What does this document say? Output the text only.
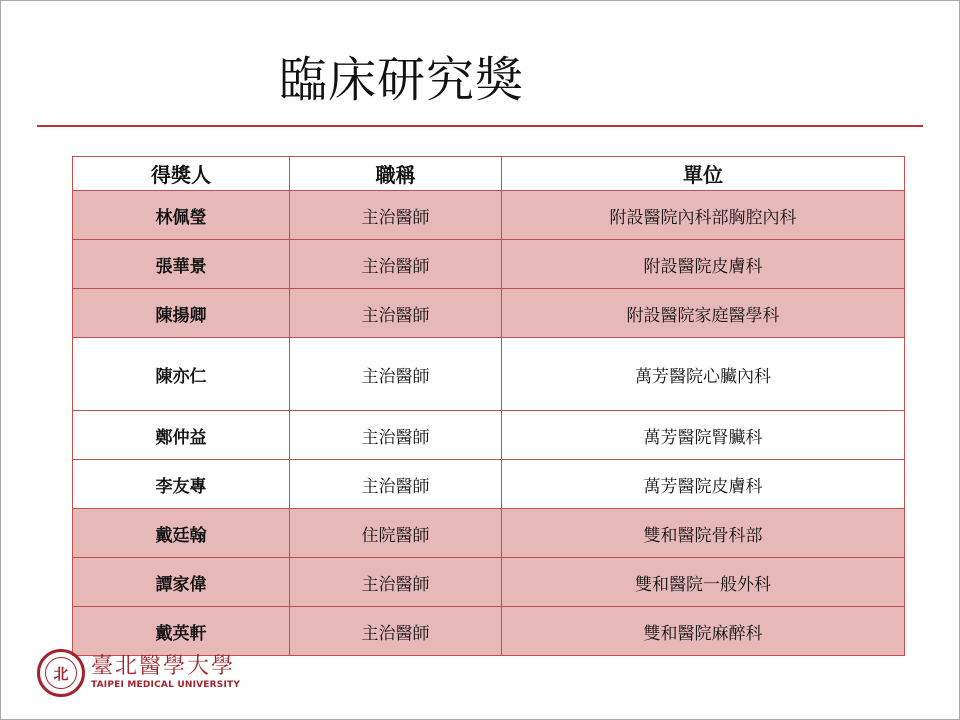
臨床研究獎
得獎人	職稱	單位
林佩瑩	主治醫師	附設醫院內科部胸腔內科
張華景	主治醫師	附設醫院皮膚科
陳揚卿	主治醫師	附設醫院家庭醫學科
陳亦仁	主治醫師	萬芳醫院心臟內科
鄭仲益	主治醫師	萬芳醫院腎臟科
李友專	主治醫師	萬芳醫院皮膚科
戴廷翰	住院醫師	雙和醫院骨科部
譚家偉	主治醫師	雙和醫院一般外科
戴英軒	主治醫師	雙和醫院麻醉科
北	臺北醫學大學
TAIPEI MEDICAL UNIVERSITY
